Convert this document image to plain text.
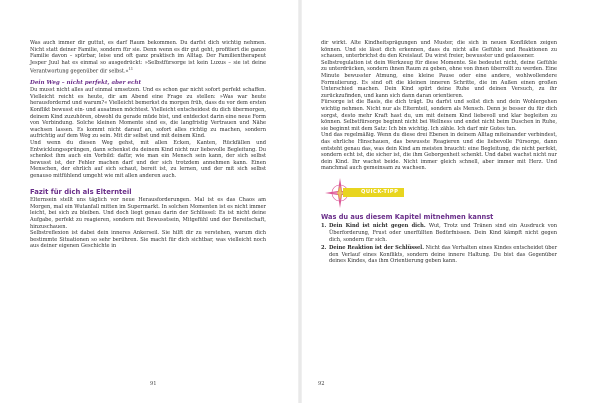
Was auch immer dir guttut, es darf Raum bekommen. Du darfst dich wichtig nehmen. Nicht statt deiner Familie, sondern für sie. Denn wenn es dir gut geht, profitiert die ganze Familie davon – spürbar, leise und oft ganz praktisch im Alltag. Der Familientherapeut Jesper Juul hat es einmal so ausgedrückt: »Selbstfürsorge ist kein Luxus – sie ist deine Verantwortung gegenüber dir selbst.«$^{11}$

Dein Weg – nicht perfekt, aber echt

Du musst nicht alles auf einmal umsetzen. Und es schon gar nicht sofort perfekt schaffen. Vielleicht reicht es heute, dir am Abend eine Frage zu stellen: »Was war heute herausfordernd und warum?« Vielleicht bemerkst du morgen früh, dass du vor dem ersten Konflikt bewusst ein- und ausatmen möchtest. Vielleicht entscheidest du dich übermorgen, deinem Kind zuzuhören, obwohl du gerade müde bist, und entdeckst darin eine neue Form von Verbindung. Solche kleinen Momente sind es, die langfristig Vertrauen und Nähe wachsen lassen. Es kommt nicht darauf an, sofort alles richtig zu machen, sondern aufrichtig auf dem Weg zu sein. Mit dir selbst und mit deinem Kind.

Und wenn du diesen Weg gehst, mit allen Ecken, Kanten, Rückfällen und Entwicklungssprüngen, dann schenkst du deinem Kind nicht nur liebevolle Begleitung. Du schenkst ihm auch ein Vorbild: dafür, wie man ein Mensch sein kann, der sich selbst bewusst ist, der Fehler machen darf und der sich trotzdem annehmen kann. Einen Menschen, der ehrlich auf sich schaut, bereit ist, zu lernen, und der mit sich selbst genauso mitfühlend umgeht wie mit allen anderen auch.

Fazit für dich als Elternteil

Elternsein stellt uns täglich vor neue Herausforderungen. Mal ist es das Chaos am Morgen, mal ein Wutanfall mitten im Supermarkt. In solchen Momenten ist es nicht immer leicht, bei sich zu bleiben. Und doch liegt genau darin der Schlüssel: Es ist nicht deine Aufgabe, perfekt zu reagieren, sondern mit Bewusstsein, Mitgefühl und der Bereitschaft, hinzuschauen.

Selbstreflexion ist dabei dein inneres Ankerseil. Sie hilft dir zu verstehen, warum dich bestimmte Situationen so sehr berühren. Sie macht für dich sichtbar, was vielleicht noch aus deiner eigenen Geschichte in

91

dir wirkt. Alte Kindheitsprägungen und Muster, die sich in neuen Konflikten zeigen können. Und sie lässt dich erkennen, dass du nicht alle Gefühle und Reaktionen zu schauen, unterbrichst du den Kreislauf. Du wirst freier, bewusster und gelassener.

Selbstregulation ist dein Werkzeug für diese Momente. Sie bedeutet nicht, deine Gefühle zu unterdrücken, sondern ihnen Raum zu geben, ohne von ihnen überrollt zu werden. Eine Minute bewusster Atmung, eine kleine Pause oder eine andere, wohlwollendere Formulierung. Es sind oft die kleinen inneren Schritte, die im Außen einen großen Unterschied machen. Dein Kind spürt deine Ruhe und deinen Versuch, zu ihr zurückzufinden, und kann sich dann daran orientieren.

Fürsorge ist die Basis, die dich trägt. Du darfst und sollst dich und dein Wohlergehen wichtig nehmen. Nicht nur als Elternteil, sondern als Mensch. Denn je besser du für dich sorgst, desto mehr Kraft hast du, um mit deinem Kind liebevoll und klar begleiten zu können. Selbstfürsorge beginnt nicht bei Wellness und endet nicht beim Duschen in Ruhe, sie beginnt mit dem Satz: Ich bin wichtig. Ich zähle. Ich darf mir Gutes tun.

Und das regelmäßig. Wenn du diese drei Ebenen in deinem Alltag miteinander verbindest, das ehrliche Hinschauen, das bewusste Reagieren und die liebevolle Fürsorge, dann entsteht genau das, was dein Kind am meisten braucht: eine Begleitung, die nicht perfekt, sondern echt ist, die sicher ist, die ihm Geborgenheit schenkt. Und dabei wachst nicht nur dein Kind. Ihr wachst beide. Nicht immer gleich schnell, aber immer mit Herz. Und manchmal auch gemeinsam zu wachsen.

QUICK-TIPP
Was du aus diesem Kapitel mitnehmen kannst
1. Dein Kind ist nicht gegen dich. Wut, Trotz und Tränen sind ein Ausdruck von Überforderung, Frust oder unerfüllten Bedürfnissen. Dein Kind kämpft nicht gegen dich, sondern für sich.
2. Deine Reaktion ist der Schlüssel. Nicht das Verhalten eines Kindes entscheidet über den Verlauf eines Konflikts, sondern deine innere Haltung. Du bist das Gegenüber deines Kindes, das ihm Orientierung geben kann.
92
